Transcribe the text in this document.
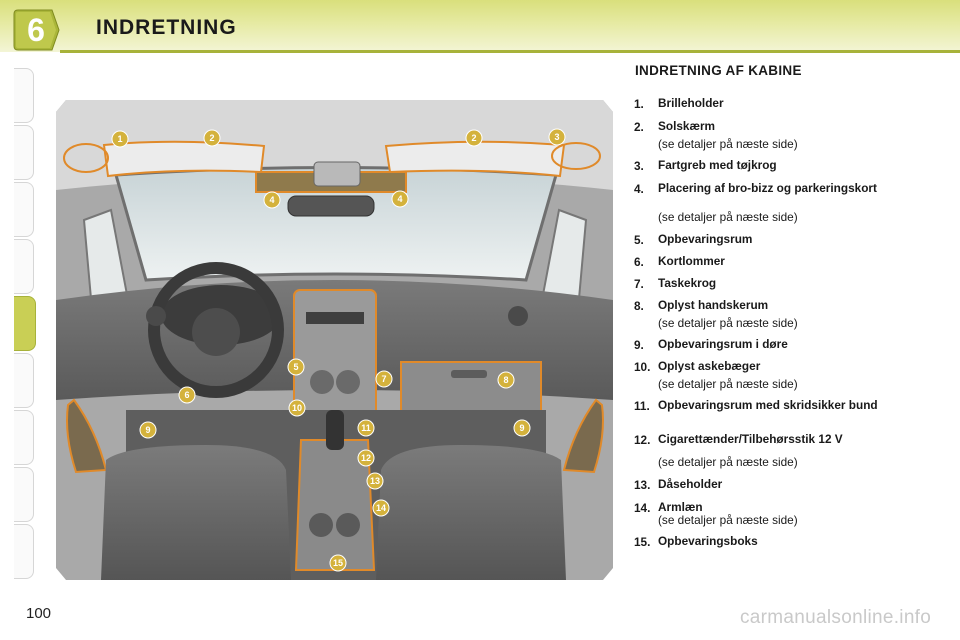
6	INDRETNING
100
1	2	2	3
4	4
5
6
7	8
9	9
10
11
12
13
14
15
INDRETNING AF KABINE
1. Brilleholder
2. Solskærm
(se detaljer på næste side)
3. Fartgreb med tøjkrog
4. Placering af bro-bizz og parkeringskort
(se detaljer på næste side)
5. Opbevaringsrum
6. Kortlommer
7. Taskekrog
8. Oplyst handskerum
(se detaljer på næste side)
9. Opbevaringsrum i døre
10. Oplyst askebæger
(se detaljer på næste side)
11. Opbevaringsrum med skridsikker bund
12. Cigarettænder/Tilbehørsstik 12 V
(se detaljer på næste side)
13. Dåseholder
14. Armlæn
(se detaljer på næste side)
15. Opbevaringsboks
carmanualsonline.info
